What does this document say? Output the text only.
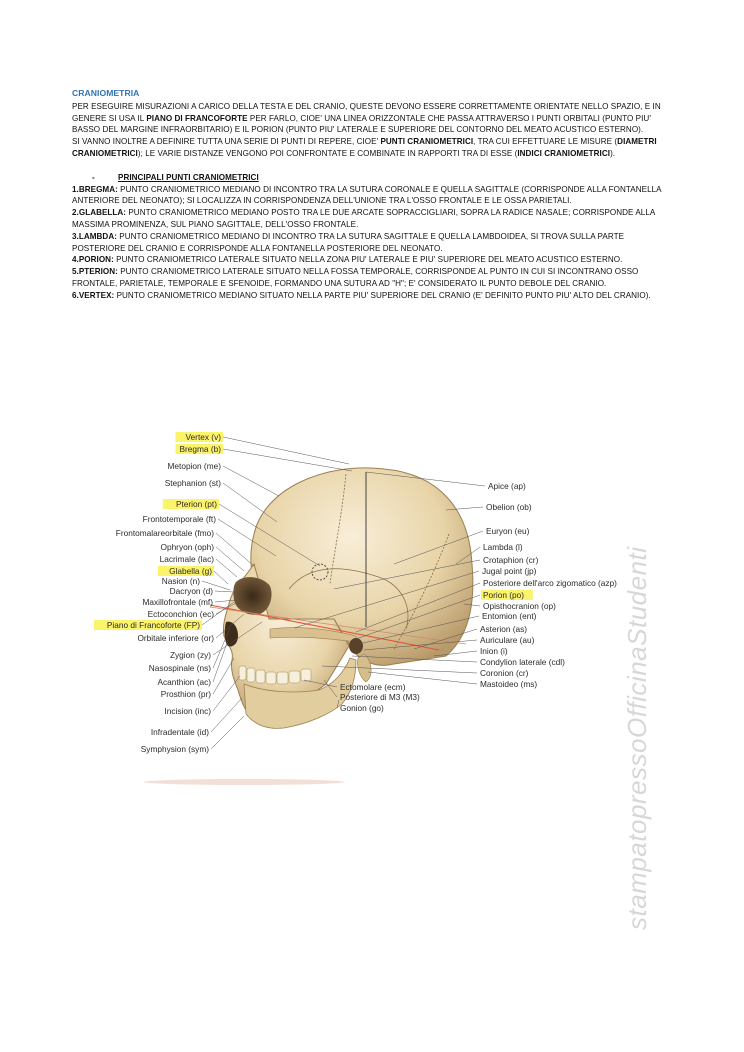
CRANIOMETRIA

PER ESEGUIRE MISURAZIONI A CARICO DELLA TESTA E DEL CRANIO, QUESTE DEVONO ESSERE CORRETTAMENTE ORIENTATE NELLO SPAZIO, E IN GENERE SI USA IL PIANO DI FRANCOFORTE PER FARLO, CIOE' UNA LINEA ORIZZONTALE CHE PASSA ATTRAVERSO I PUNTI ORBITALI (PUNTO PIU' BASSO DEL MARGINE INFRAORBITARIO) E IL PORION (PUNTO PIU' LATERALE E SUPERIORE DEL CONTORNO DEL MEATO ACUSTICO ESTERNO).

SI VANNO INOLTRE A DEFINIRE TUTTA UNA SERIE DI PUNTI DI REPERE, CIOE' PUNTI CRANIOMETRICI, TRA CUI EFFETTUARE LE MISURE (DIAMETRI CRANIOMETRICI); LE VARIE DISTANZE VENGONO POI CONFRONTATE E COMBINATE IN RAPPORTI TRA DI ESSE (INDICI CRANIOMETRICI).

-	PRINCIPALI PUNTI CRANIOMETRICI

1.BREGMA: PUNTO CRANIOMETRICO MEDIANO DI INCONTRO TRA LA SUTURA CORONALE E QUELLA SAGITTALE (CORRISPONDE ALLA FONTANELLA ANTERIORE DEL NEONATO); SI LOCALIZZA IN CORRISPONDENZA DELL'UNIONE TRA L'OSSO FRONTALE E LE OSSA PARIETALI.

2.GLABELLA: PUNTO CRANIOMETRICO MEDIANO POSTO TRA LE DUE ARCATE SOPRACCIGLIARI, SOPRA LA RADICE NASALE; CORRISPONDE ALLA MASSIMA PROMINENZA, SUL PIANO SAGITTALE, DELL'OSSO FRONTALE.

3.LAMBDA: PUNTO CRANIOMETRICO MEDIANO DI INCONTRO TRA LA SUTURA SAGITTALE E QUELLA LAMBDOIDEA, SI TROVA SULLA PARTE POSTERIORE DEL CRANIO E CORRISPONDE ALLA FONTANELLA POSTERIORE DEL NEONATO.

4.PORION: PUNTO CRANIOMETRICO LATERALE SITUATO NELLA ZONA PIU' LATERALE E PIU' SUPERIORE DEL MEATO ACUSTICO ESTERNO.

5.PTERION: PUNTO CRANIOMETRICO LATERALE SITUATO NELLA FOSSA TEMPORALE, CORRISPONDE AL PUNTO IN CUI SI INCONTRANO OSSO FRONTALE, PARIETALE, TEMPORALE E SFENOIDE, FORMANDO UNA SUTURA AD "H"; E' CONSIDERATO IL PUNTO DEBOLE DEL CRANIO.

6.VERTEX: PUNTO CRANIOMETRICO MEDIANO SITUATO NELLA PARTE PIU' SUPERIORE DEL CRANIO (E' DEFINITO PUNTO PIU' ALTO DEL CRANIO).

Vertex (v)
Bregma (b)
Metopion (me)
Stephanion (st)
Pterion (pt)
Frontotemporale (ft)
Frontomalareorbitale (fmo)
Ophryon (oph)
Lacrimale (lac)
Glabella (g)
Nasion (n)
Dacryon (d)
Maxillofrontale (mf)
Ectoconchion (ec)
Piano di Francoforte (FP)
Orbitale inferiore (or)
Zygion (zy)
Nasospinale (ns)
Acanthion (ac)
Prosthion (pr)
Incision (inc)
Infradentale (id)
Symphysion (sym)
Apice (ap)
Obelion (ob)
Euryon (eu)
Lambda (l)
Crotaphion (cr)
Jugal point (jp)
Posteriore dell'arco zigomatico (azp)
Porion (po)
Opisthocranion (op)
Entomion (ent)
Asterion (as)
Auriculare (au)
Inion (i)
Condylion laterale (cdl)
Coronion (cr)
Mastoideo (ms)
Ectomolare (ecm)
Posteriore di M3 (M3)
Gonion (go)	stampatopressoOfficinaStudenti
